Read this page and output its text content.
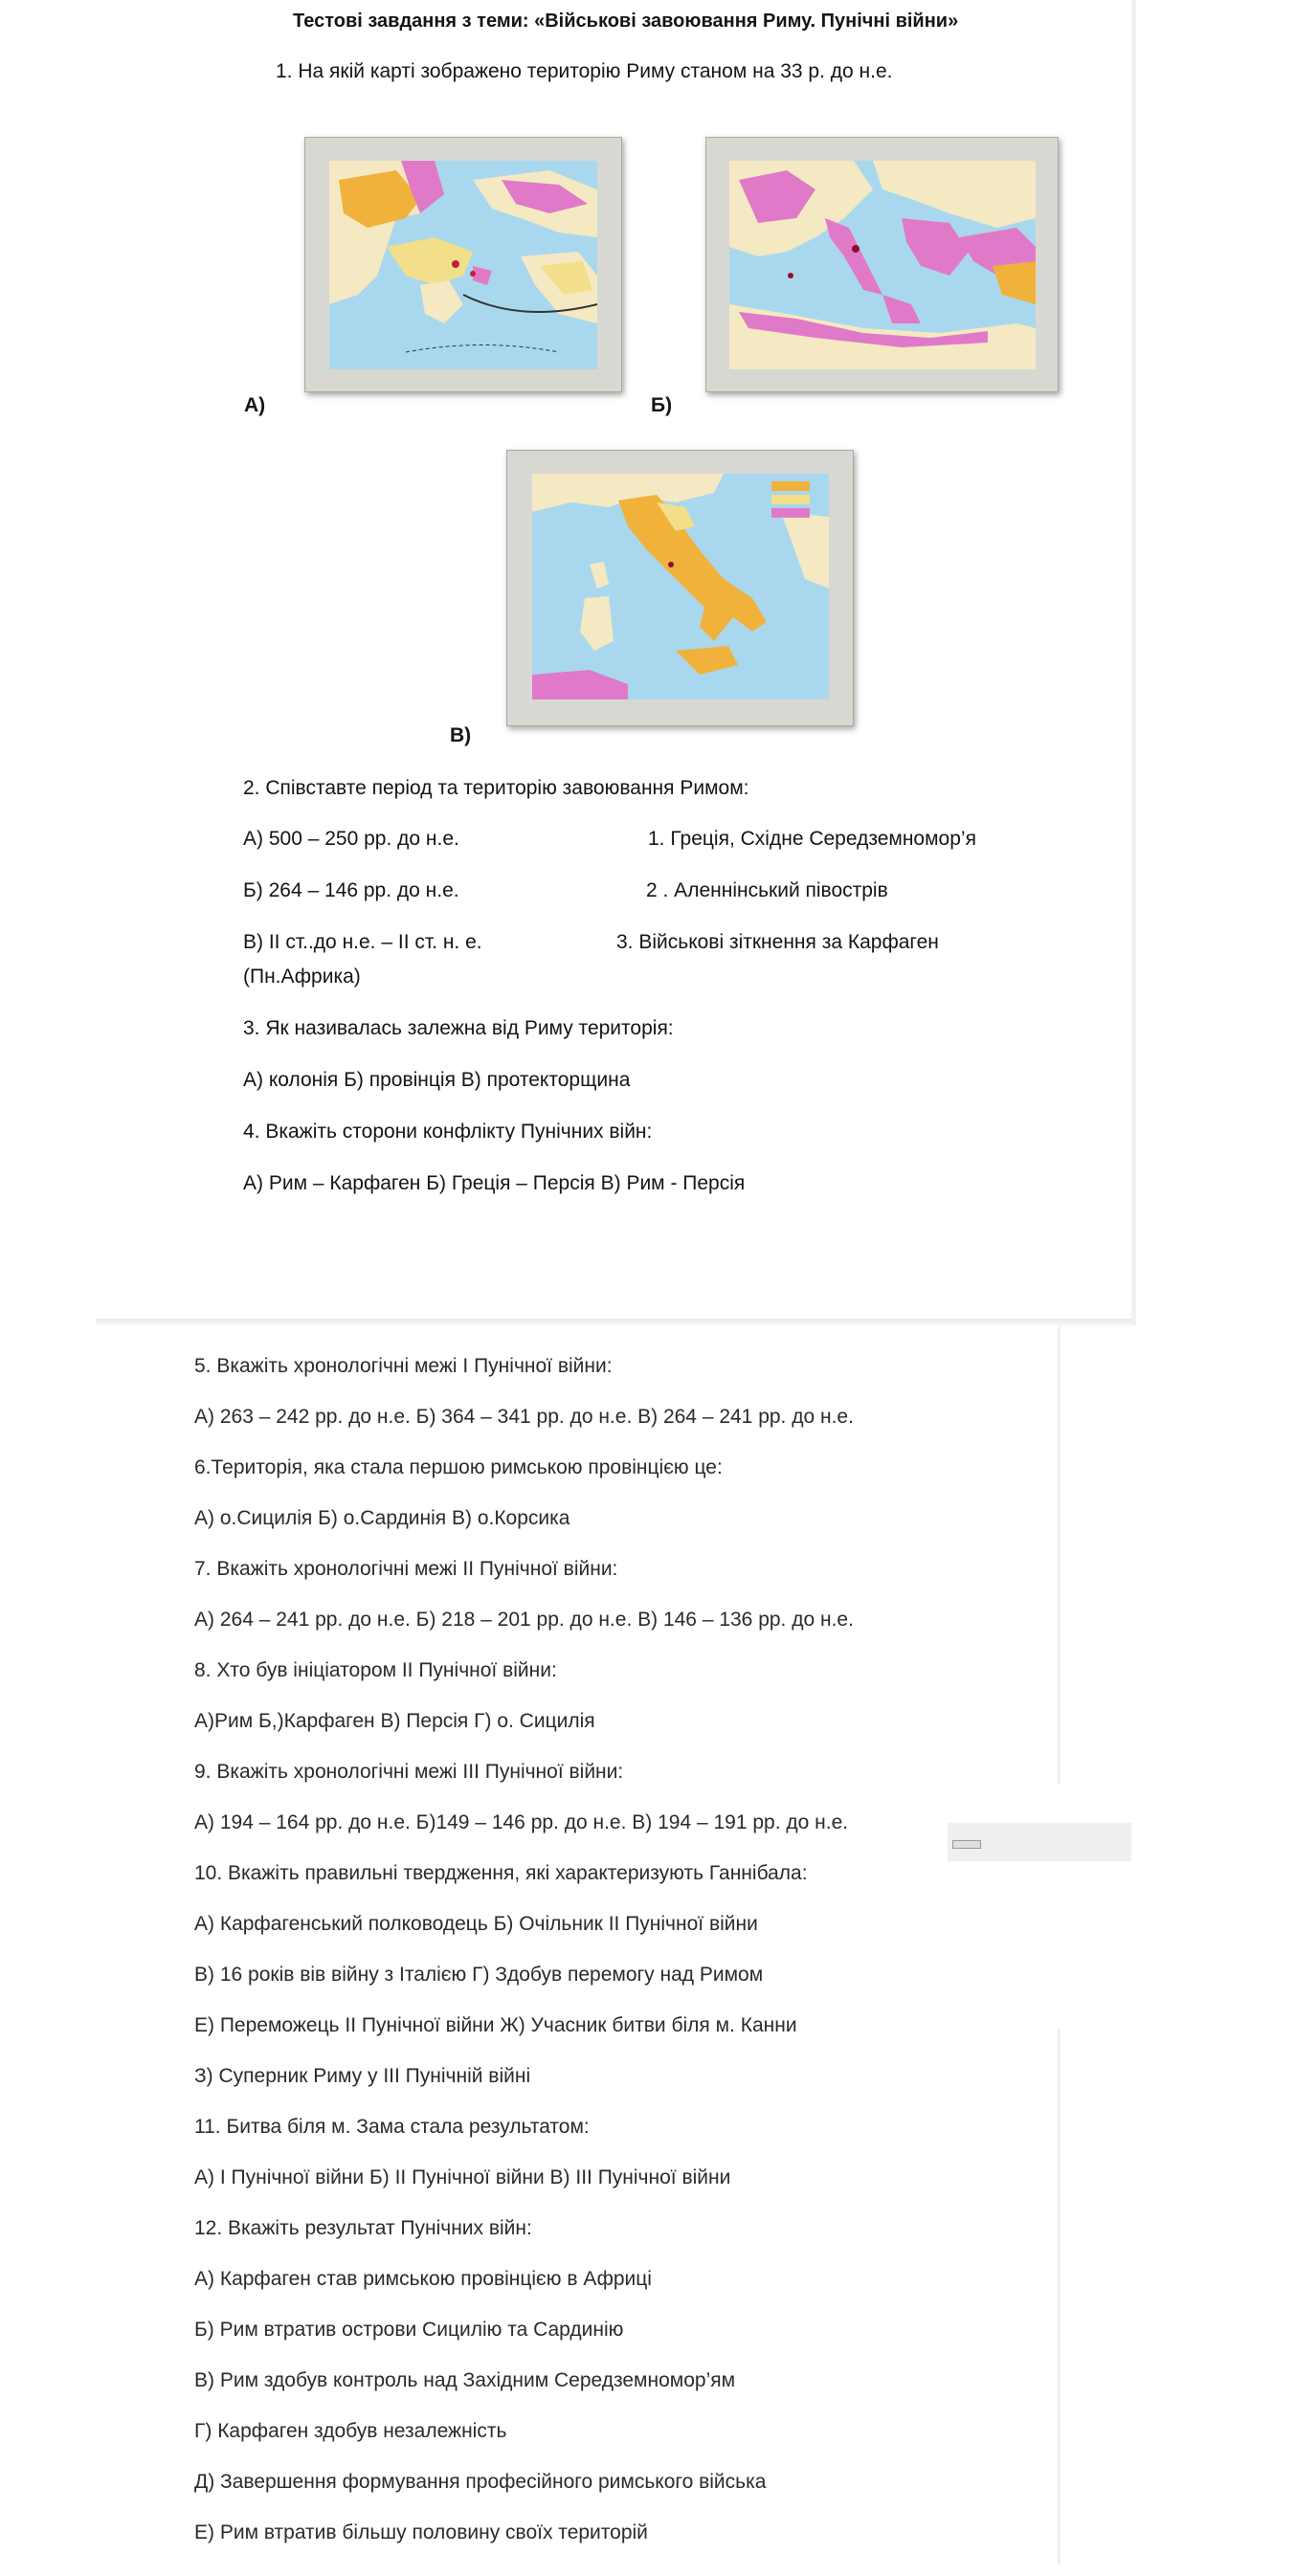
Тестові завдання з теми: «Військові завоювання Риму. Пунічні війни»
1. На якій карті зображено територію Риму станом на 33 р. до н.е.
А)	Б)
В)
2. Співставте період та територію завоювання Римом:
А) 500 – 250 рр. до н.е.	1. Греція, Східне Середземномор’я
Б) 264 – 146 рр. до н.е.	2 . Аленнінський півострів
В) ІІ ст..до н.е. – ІІ ст. н. е.	3. Військові зіткнення за Карфаген
(Пн.Африка)
3. Як називалась залежна від Риму територія:
А) колонія Б) провінція В) протекторщина
4. Вкажіть сторони конфлікту Пунічних війн:
А) Рим – Карфаген Б) Греція – Персія В) Рим - Персія
5. Вкажіть хронологічні межі І Пунічної війни:
А) 263 – 242 рр. до н.е. Б) 364 – 341 рр. до н.е. В) 264 – 241 рр. до н.е.
6.Територія, яка стала першою римською провінцією це:
А) о.Сицилія Б) о.Сардинія В) о.Корсика
7. Вкажіть хронологічні межі ІІ Пунічної війни:
А) 264 – 241 рр. до н.е. Б) 218 – 201 рр. до н.е. В) 146 – 136 рр. до н.е.
8. Хто був ініціатором ІІ Пунічної війни:
А)Рим Б,)Карфаген В) Персія Г) о. Сицилія
9. Вкажіть хронологічні межі ІІІ Пунічної війни:
А) 194 – 164 рр. до н.е. Б)149 – 146 рр. до н.е. В) 194 – 191 рр. до н.е.
10. Вкажіть правильні твердження, які характеризують Ганнібала:
А) Карфагенський полководець Б) Очільник ІІ Пунічної війни
В) 16 років вів війну з Італією Г) Здобув перемогу над Римом
Е) Переможець ІІ Пунічної війни Ж) Учасник битви біля м. Канни
З) Суперник Риму у ІІІ Пунічній війні
11. Битва біля м. Зама стала результатом:
А) І Пунічної війни Б) ІІ Пунічної війни В) ІІІ Пунічної війни
12. Вкажіть результат Пунічних війн:
А) Карфаген став римською провінцією в Африці
Б) Рим втратив острови Сицилію та Сардинію
В) Рим здобув контроль над Західним Середземномор’ям
Г) Карфаген здобув незалежність
Д) Завершення формування професійного римського війська
Е) Рим втратив більшу половину своїх територій
